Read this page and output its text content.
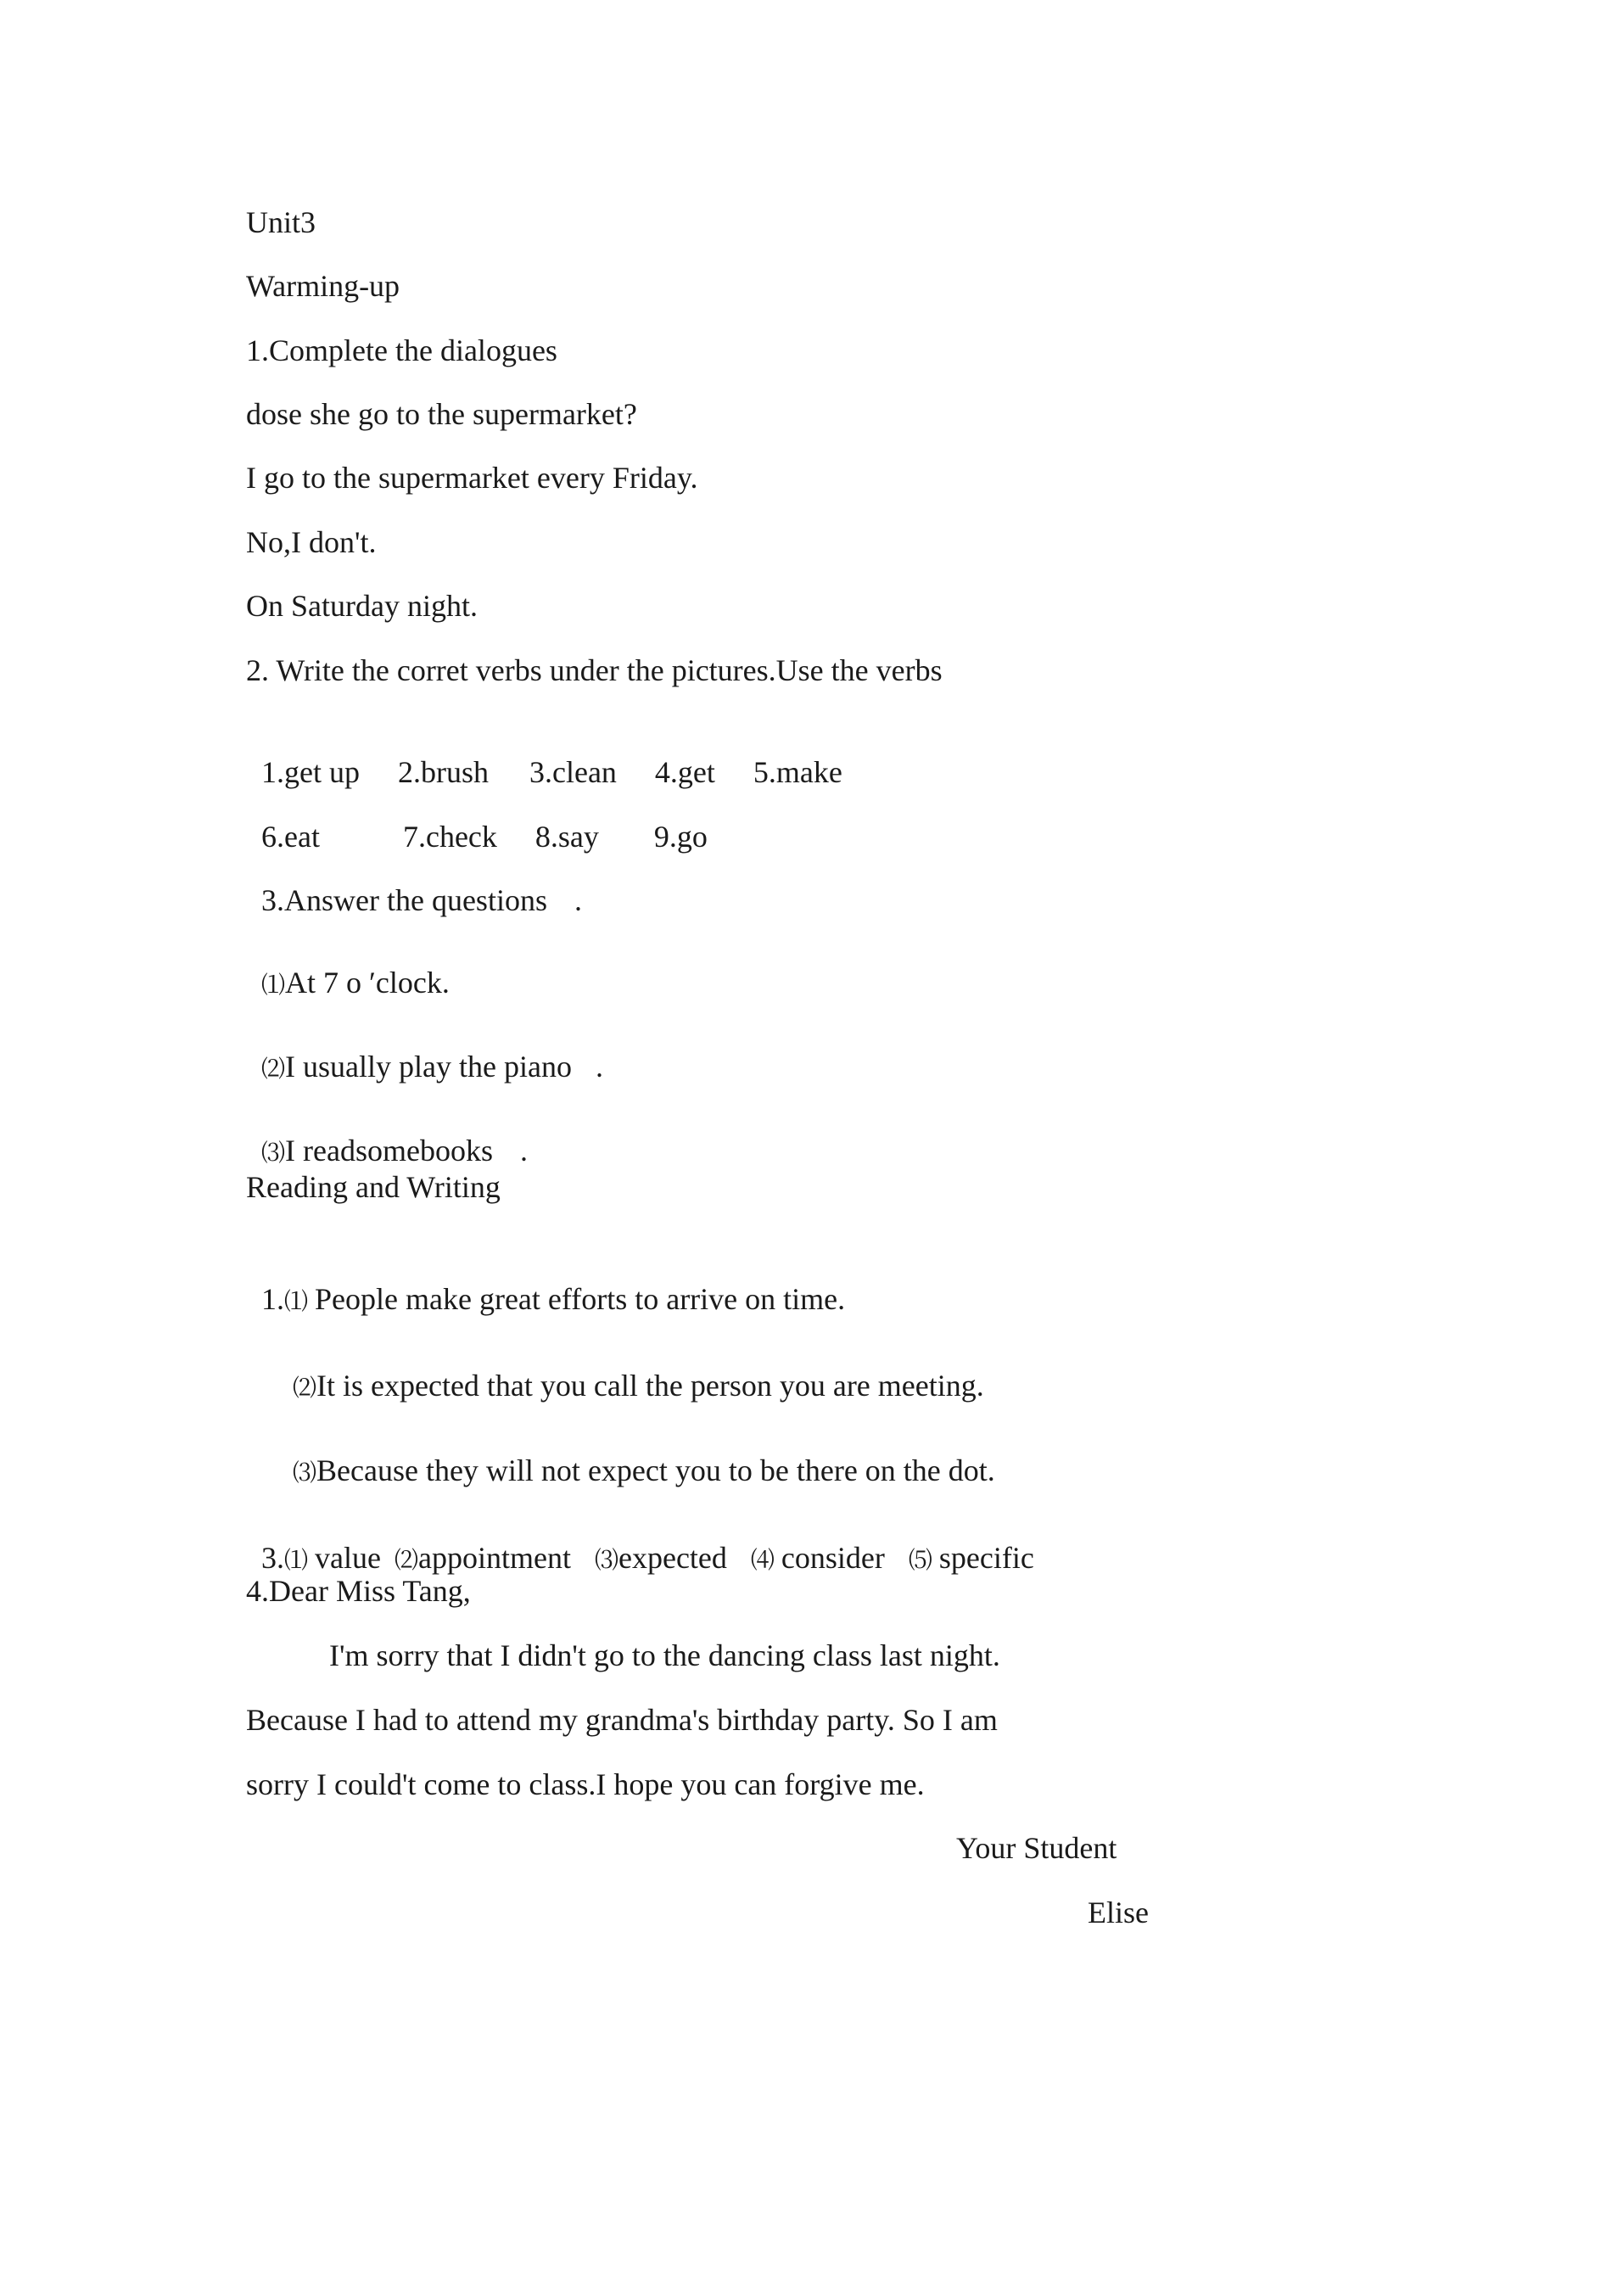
Unit3
Warming-up
1.Complete the dialogues
dose she go to the supermarket?
I go to the supermarket every Friday.
No,I don't.
On Saturday night.
2. Write the corret verbs under the pictures.Use the verbs

1.get up 2.brush 3.clean 4.get 5.make

6.eat	7.check 8.say 9.go

3.Answer the questions .

⑴At 7 o ′clock.

⑵I usually play the piano .

⑶I readsomebooks .

Reading and Writing

1.⑴ People make great efforts to arrive on time.

⑵It is expected that you call the person you are meeting.

⑶Because they will not expect you to be there on the dot.

3.⑴ value ⑵appointment ⑶expected ⑷ consider ⑸ specific

4.Dear Miss Tang,
I'm sorry that I didn't go to the dancing class last night.
Because I had to attend my grandma's birthday party. So I am
sorry I could't come to class.I hope you can forgive me.
Your Student
Elise
